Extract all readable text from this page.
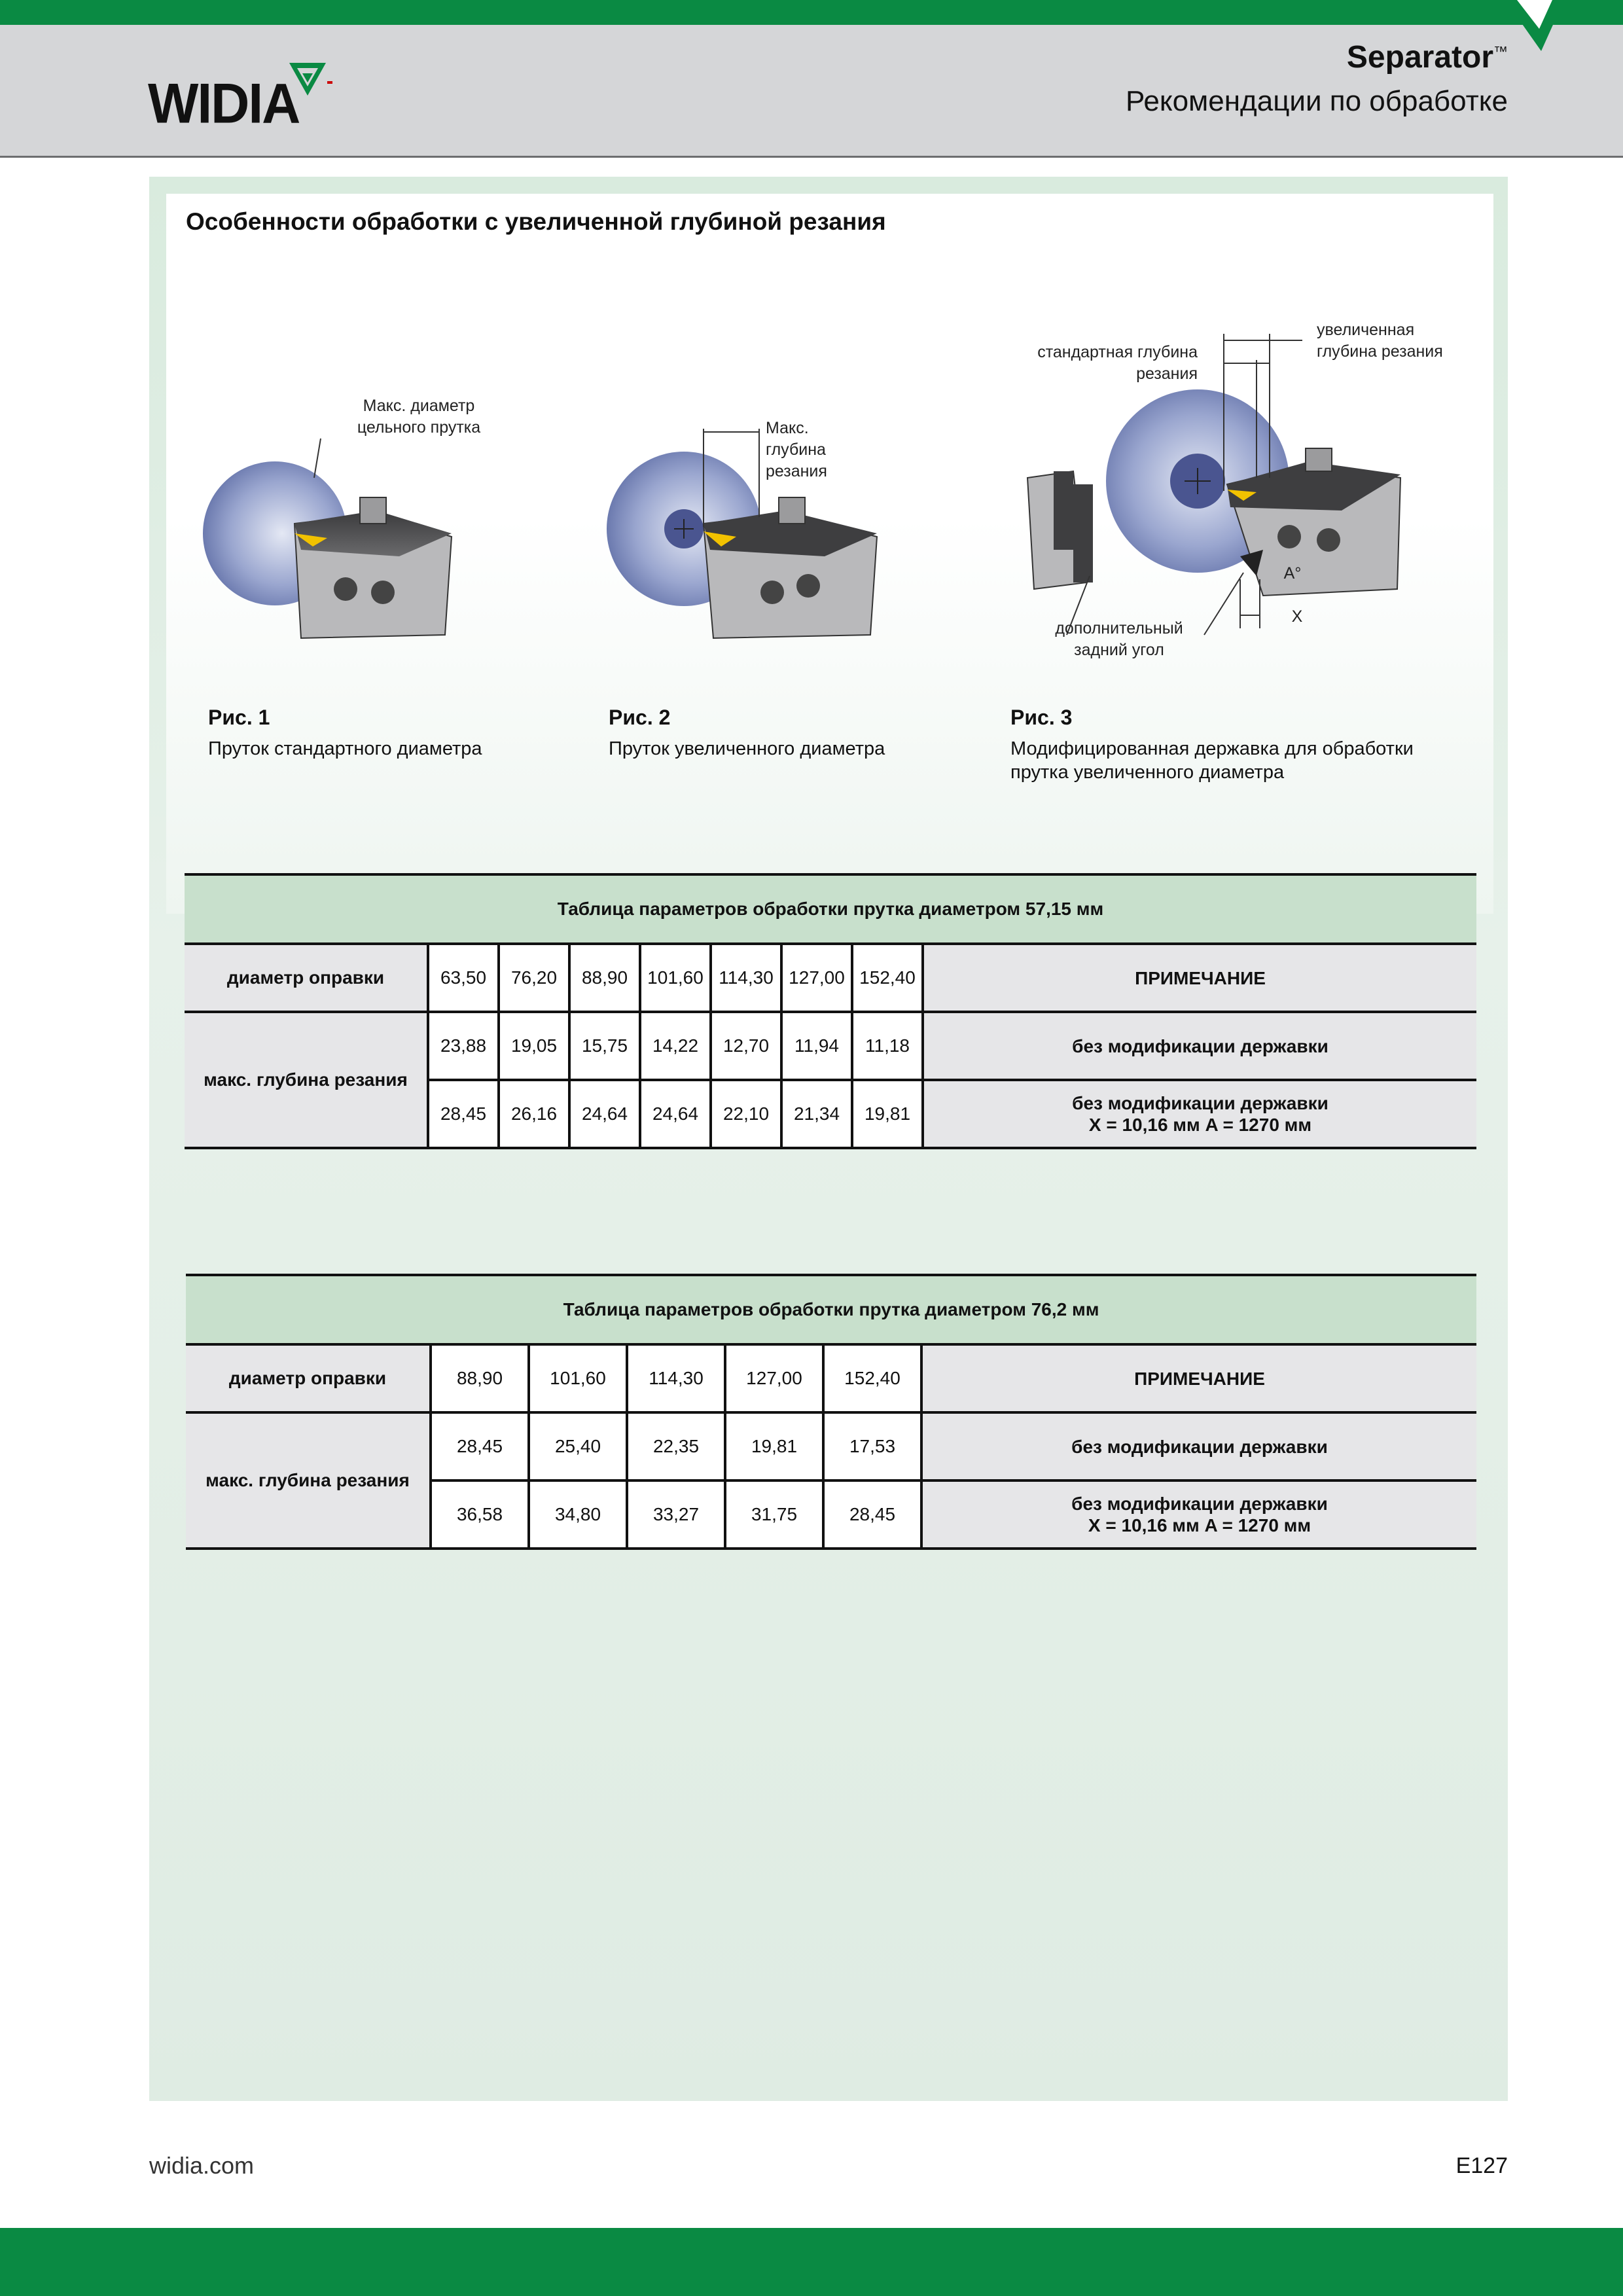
WIDIA
Separator™
Рекомендации по обработке
Особенности обработки с увеличенной глубиной резания
Макс. диаметр
цельного прутка
Рис. 1
Пруток стандартного диаметра
Макс. глубина
резания
Рис. 2
Пруток увеличенного диаметра
стандартная глубина
резания
увеличенная
глубина резания
дополнительный
задний угол
A°
X
Рис. 3
Модифицированная державка для обработки
прутка увеличенного диаметра
Таблица параметров обработки прутка диаметром 57,15 мм								
диаметр оправки	63,50	76,20	88,90	101,60	114,30	127,00	152,40	ПРИМЕЧАНИЕ
макс. глубина резания	23,88	19,05	15,75	14,22	12,70	11,94	11,18	без модификации державки
	28,45	26,16	24,64	24,64	22,10	21,34	19,81	без модификации державки
X = 10,16 мм A = 1270 мм
Таблица параметров обработки прутка диаметром 76,2 мм						
диаметр оправки	88,90	101,60	114,30	127,00	152,40	ПРИМЕЧАНИЕ
макс. глубина резания	28,45	25,40	22,35	19,81	17,53	без модификации державки
	36,58	34,80	33,27	31,75	28,45	без модификации державки
X = 10,16 мм A = 1270 мм
widia.com	E127
